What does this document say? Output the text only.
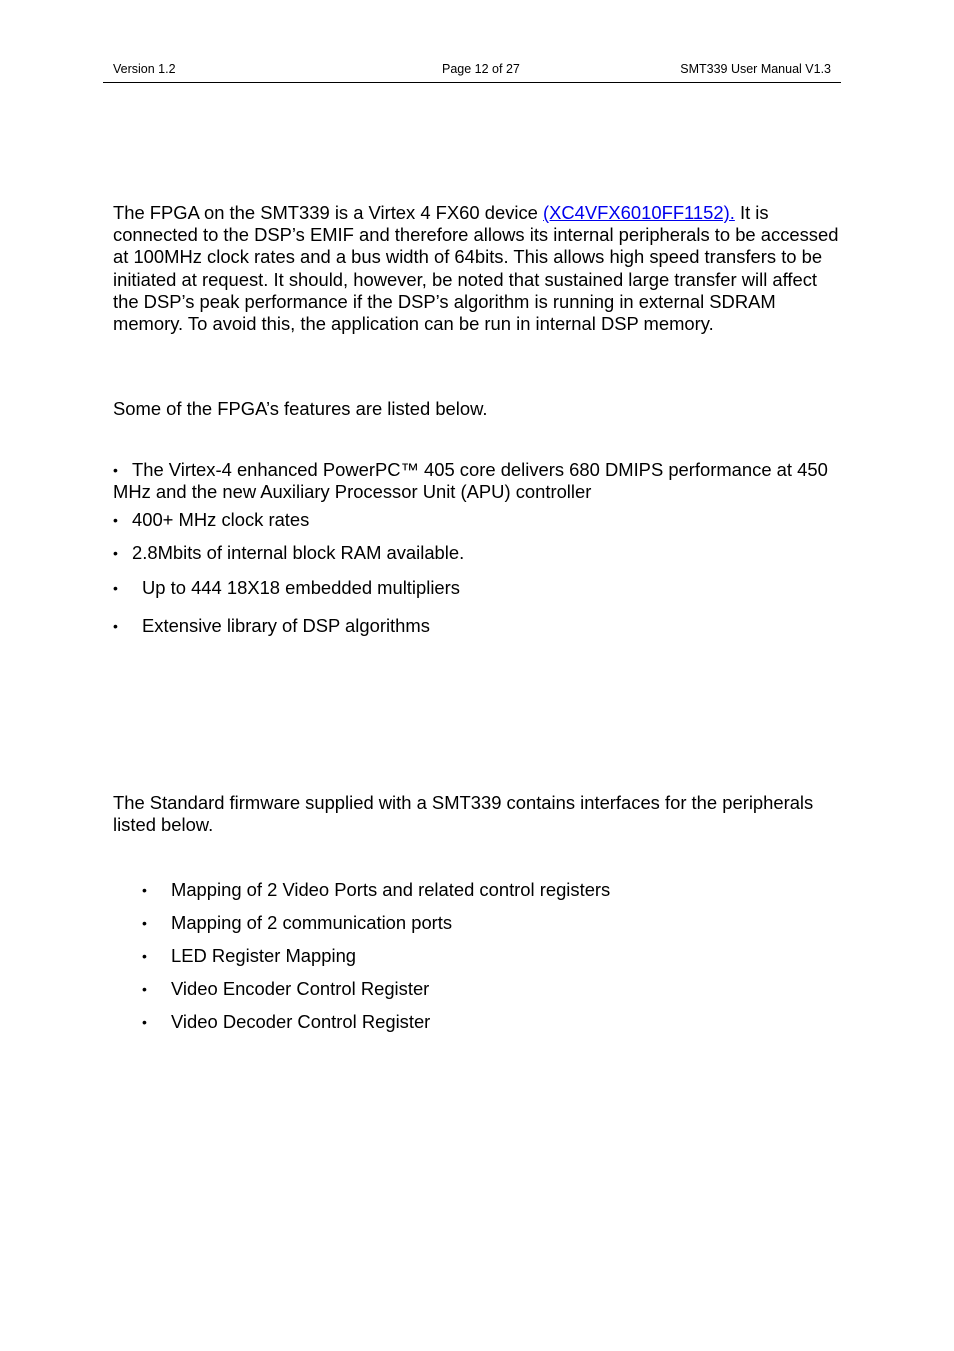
Version 1.2	Page 12 of 27	SMT339 User Manual V1.3

The FPGA on the SMT339 is a Virtex 4 FX60 device (XC4VFX6010FF1152). It is connected to the DSP’s EMIF and therefore allows its internal peripherals to be accessed at 100MHz clock rates and a bus width of 64bits. This allows high speed transfers to be initiated at request. It should, however, be noted that sustained large transfer will affect the DSP’s peak performance if the DSP’s algorithm is running in external SDRAM memory. To avoid this, the application can be run in internal DSP memory.

Some of the FPGA’s features are listed below.

• The Virtex-4 enhanced PowerPC™ 405 core delivers 680 DMIPS performance at 450 MHz and the new Auxiliary Processor Unit (APU) controller
• 400+ MHz clock rates
• 2.8Mbits of internal block RAM available.
• Up to 444 18X18 embedded multipliers
• Extensive library of DSP algorithms

The Standard firmware supplied with a SMT339 contains interfaces for the peripherals listed below.

• Mapping of 2 Video Ports and related control registers
• Mapping of 2 communication ports
• LED Register Mapping
• Video Encoder Control Register
• Video Decoder Control Register
